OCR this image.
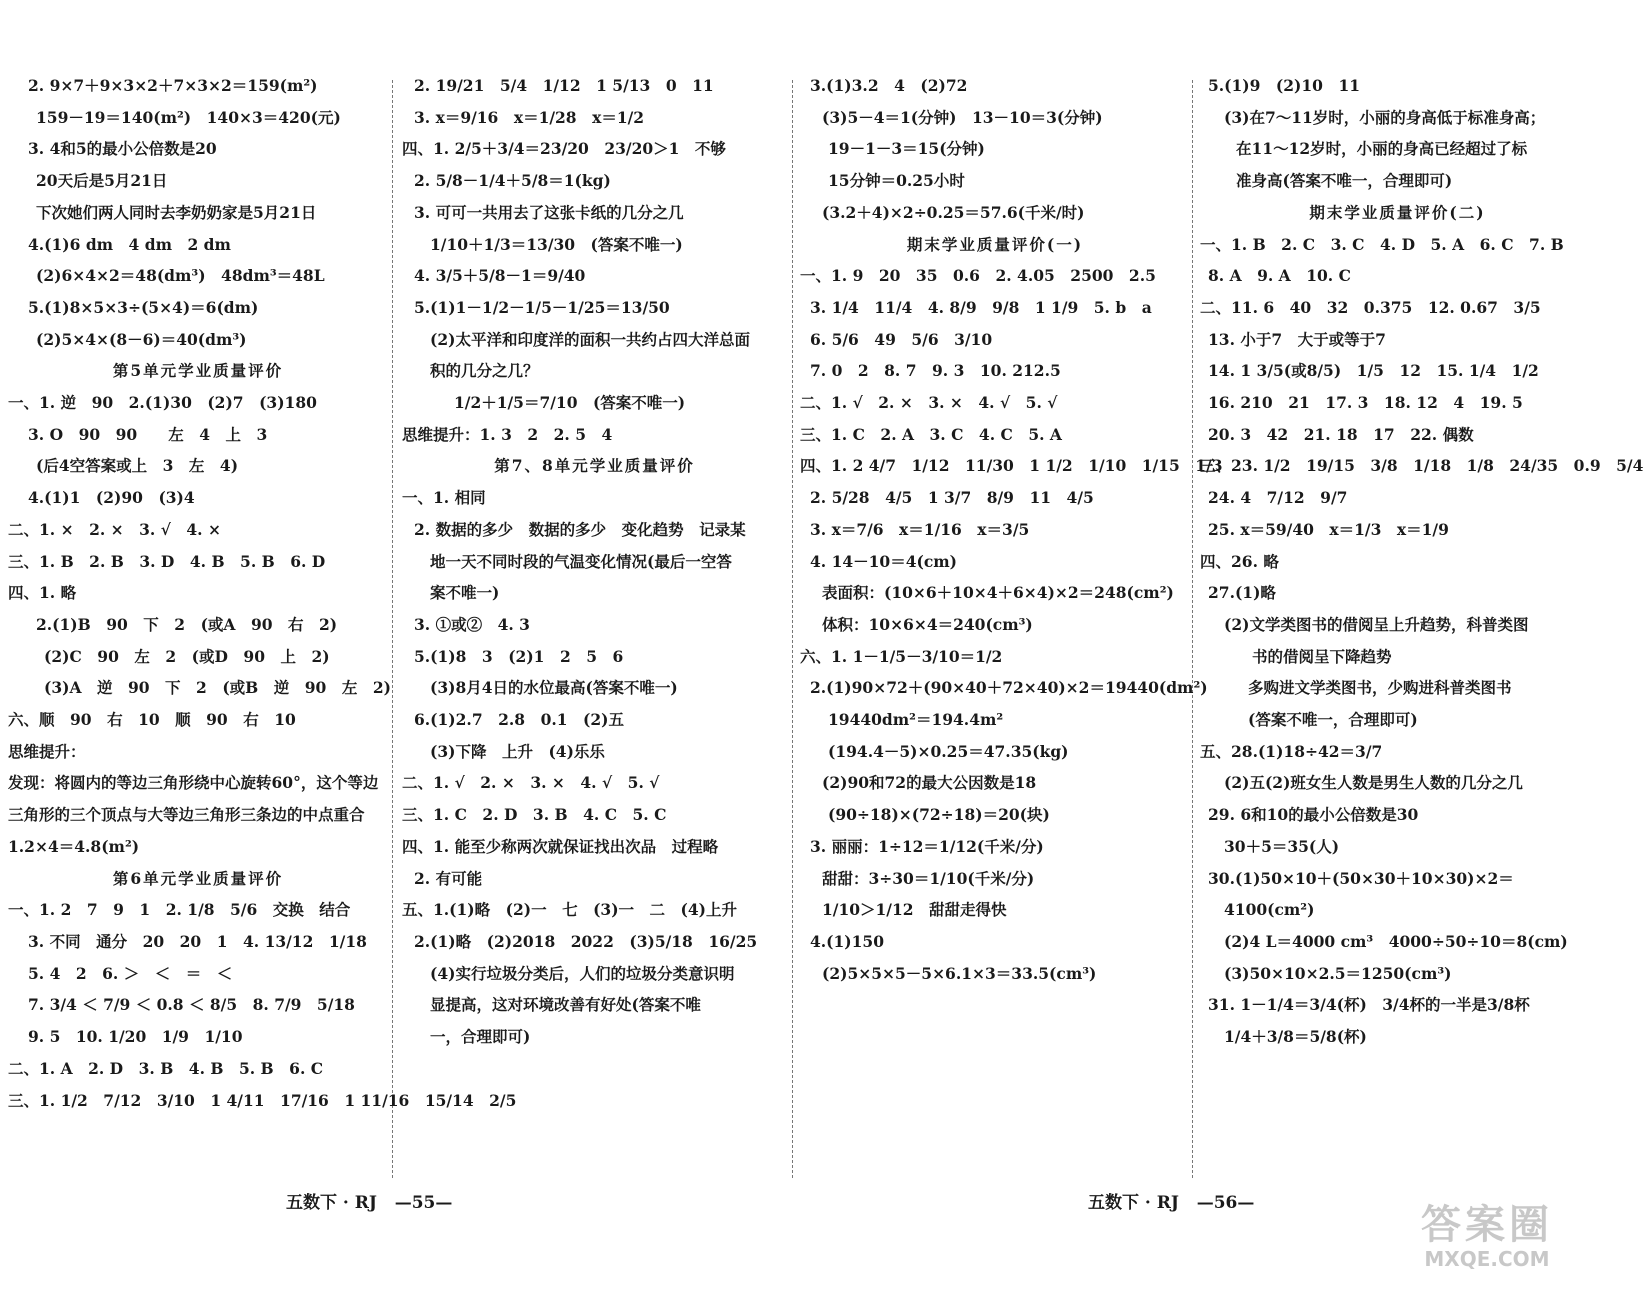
2. 9×7＋9×3×2＋7×3×2＝159(m²)
159－19＝140(m²)　140×3＝420(元)
3. 4和5的最小公倍数是20
20天后是5月21日
下次她们两人同时去李奶奶家是5月21日
4.(1)6 dm　4 dm　2 dm
(2)6×4×2＝48(dm³)　48dm³＝48L
5.(1)8×5×3÷(5×4)＝6(dm)
(2)5×4×(8－6)＝40(dm³)
第5单元学业质量评价
一、1. 逆　90　2.(1)30　(2)7　(3)180
3. O　90　90　　左　4　上　3
(后4空答案或上　3　左　4)
4.(1)1　(2)90　(3)4
二、1. ×　2. ×　3. √　4. ×
三、1. B　2. B　3. D　4. B　5. B　6. D
四、1. 略
2.(1)B　90　下　2　(或A　90　右　2)
(2)C　90　左　2　(或D　90　上　2)
(3)A　逆　90　下　2　(或B　逆　90　左　2)
六、顺　90　右　10　顺　90　右　10
思维提升：
发现：将圆内的等边三角形绕中心旋转60°，这个等边
三角形的三个顶点与大等边三角形三条边的中点重合
1.2×4＝4.8(m²)
第6单元学业质量评价
一、1. 2　7　9　1　2. 1/8　5/6　交换　结合
3. 不同　通分　20　20　1　4. 13/12　1/18
5. 4　2　6. ＞　＜　＝　＜
7. 3/4 ＜ 7/9 ＜ 0.8 ＜ 8/5　8. 7/9　5/18
9. 5　10. 1/20　1/9　1/10
二、1. A　2. D　3. B　4. B　5. B　6. C
三、1. 1/2　7/12　3/10　1 4/11　17/16　1 11/16　15/14　2/5
2. 19/21　5/4　1/12　1 5/13　0　11
3. x＝9/16　x＝1/28　x＝1/2
四、1. 2/5＋3/4＝23/20　23/20＞1　不够
2. 5/8－1/4＋5/8＝1(kg)
3. 可可一共用去了这张卡纸的几分之几
1/10＋1/3＝13/30　(答案不唯一)
4. 3/5＋5/8－1＝9/40
5.(1)1－1/2－1/5－1/25＝13/50
(2)太平洋和印度洋的面积一共约占四大洋总面
积的几分之几？
1/2＋1/5＝7/10　(答案不唯一)
思维提升：1. 3　2　2. 5　4
第7、8单元学业质量评价
一、1. 相同
2. 数据的多少　数据的多少　变化趋势　记录某
地一天不同时段的气温变化情况(最后一空答
案不唯一)
3. ①或②　4. 3
5.(1)8　3　(2)1　2　5　6
(3)8月4日的水位最高(答案不唯一)
6.(1)2.7　2.8　0.1　(2)五
(3)下降　上升　(4)乐乐
二、1. √　2. ×　3. ×　4. √　5. √
三、1. C　2. D　3. B　4. C　5. C
四、1. 能至少称两次就保证找出次品　过程略
2. 有可能
五、1.(1)略　(2)一　七　(3)一　二　(4)上升
2.(1)略　(2)2018　2022　(3)5/18　16/25
(4)实行垃圾分类后，人们的垃圾分类意识明
显提高，这对环境改善有好处(答案不唯
一，合理即可)
3.(1)3.2　4　(2)72
(3)5－4＝1(分钟)　13－10＝3(分钟)
19－1－3＝15(分钟)
15分钟＝0.25小时
(3.2＋4)×2÷0.25＝57.6(千米/时)
期末学业质量评价(一)
一、1. 9　20　35　0.6　2. 4.05　2500　2.5
3. 1/4　11/4　4. 8/9　9/8　1 1/9　5. b　a
6. 5/6　49　5/6　3/10
7. 0　2　8. 7　9. 3　10. 212.5
二、1. √　2. ×　3. ×　4. √　5. √
三、1. C　2. A　3. C　4. C　5. A
四、1. 2 4/7　1/12　11/30　1 1/2　1/10　1/15　1/3
2. 5/28　4/5　1 3/7　8/9　11　4/5
3. x＝7/6　x＝1/16　x＝3/5
4. 14－10＝4(cm)
表面积：(10×6＋10×4＋6×4)×2＝248(cm²)
体积：10×6×4＝240(cm³)
六、1. 1－1/5－3/10＝1/2
2.(1)90×72＋(90×40＋72×40)×2＝19440(dm²)
19440dm²＝194.4m²
(194.4－5)×0.25＝47.35(kg)
(2)90和72的最大公因数是18
(90÷18)×(72÷18)＝20(块)
3. 丽丽：1÷12＝1/12(千米/分)
甜甜：3÷30＝1/10(千米/分)
1/10＞1/12　甜甜走得快
4.(1)150
(2)5×5×5－5×6.1×3＝33.5(cm³)
5.(1)9　(2)10　11
(3)在7～11岁时，小丽的身高低于标准身高；
在11～12岁时，小丽的身高已经超过了标
准身高(答案不唯一，合理即可)
期末学业质量评价(二)
一、1. B　2. C　3. C　4. D　5. A　6. C　7. B
8. A　9. A　10. C
二、11. 6　40　32　0.375　12. 0.67　3/5
13. 小于7　大于或等于7
14. 1 3/5(或8/5)　1/5　12　15. 1/4　1/2
16. 210　21　17. 3　18. 12　4　19. 5
20. 3　42　21. 18　17　22. 偶数
三、23. 1/2　19/15　3/8　1/18　1/8　24/35　0.9　5/4
24. 4　7/12　9/7
25. x＝59/40　x＝1/3　x＝1/9
四、26. 略
27.(1)略
(2)文学类图书的借阅呈上升趋势，科普类图
书的借阅呈下降趋势
多购进文学类图书，少购进科普类图书
(答案不唯一，合理即可)
五、28.(1)18÷42＝3/7
(2)五(2)班女生人数是男生人数的几分之几
29. 6和10的最小公倍数是30
30＋5＝35(人)
30.(1)50×10＋(50×30＋10×30)×2＝
4100(cm²)
(2)4 L＝4000 cm³　4000÷50÷10＝8(cm)
(3)50×10×2.5＝1250(cm³)
31. 1－1/4＝3/4(杯)　3/4杯的一半是3/8杯
1/4＋3/8＝5/8(杯)
五数下 · RJ —55—	五数下 · RJ —56—	答案圈
MXQE.COM
